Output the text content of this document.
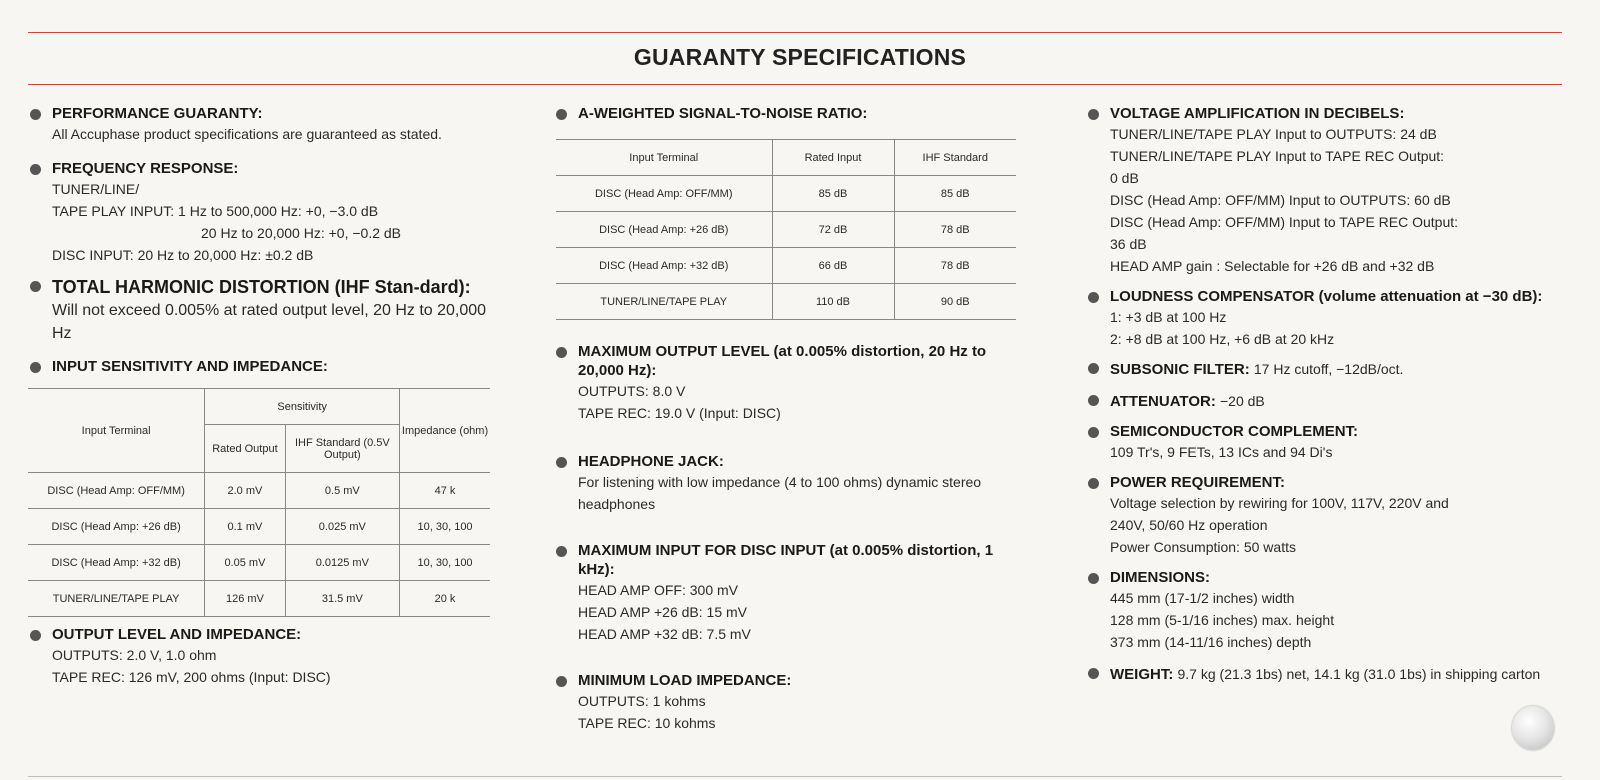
GUARANTY SPECIFICATIONS
PERFORMANCE GUARANTY:
All Accuphase product specifications are guaranteed as stated.
FREQUENCY RESPONSE:
TUNER/LINE/
TAPE PLAY INPUT: 1 Hz to 500,000 Hz: +0, −3.0 dB
20 Hz to 20,000 Hz: +0, −0.2 dB
DISC INPUT: 20 Hz to 20,000 Hz: ±0.2 dB
TOTAL HARMONIC DISTORTION (IHF Stan-dard):
Will not exceed 0.005% at rated output level, 20 Hz to 20,000 Hz
INPUT SENSITIVITY AND IMPEDANCE:
Input Terminal	Sensitivity		Impedance (ohm)
	Rated Output	IHF Standard (0.5V Output)	
DISC (Head Amp: OFF/MM)	2.0 mV	0.5 mV	47 k
DISC (Head Amp: +26 dB)	0.1 mV	0.025 mV	10, 30, 100
DISC (Head Amp: +32 dB)	0.05 mV	0.0125 mV	10, 30, 100
TUNER/LINE/TAPE PLAY	126 mV	31.5 mV	20 k
OUTPUT LEVEL AND IMPEDANCE:
OUTPUTS: 2.0 V, 1.0 ohm
TAPE REC: 126 mV, 200 ohms (Input: DISC)
A-WEIGHTED SIGNAL-TO-NOISE RATIO:
Input Terminal	Rated Input	IHF Standard
DISC (Head Amp: OFF/MM)	85 dB	85 dB
DISC (Head Amp: +26 dB)	72 dB	78 dB
DISC (Head Amp: +32 dB)	66 dB	78 dB
TUNER/LINE/TAPE PLAY	110 dB	90 dB
MAXIMUM OUTPUT LEVEL (at 0.005% distortion, 20 Hz to 20,000 Hz):
OUTPUTS: 8.0 V
TAPE REC: 19.0 V (Input: DISC)
HEADPHONE JACK:
For listening with low impedance (4 to 100 ohms) dynamic stereo headphones
MAXIMUM INPUT FOR DISC INPUT (at 0.005% distortion, 1 kHz):
HEAD AMP OFF: 300 mV
HEAD AMP +26 dB: 15 mV
HEAD AMP +32 dB: 7.5 mV
MINIMUM LOAD IMPEDANCE:
OUTPUTS: 1 kohms
TAPE REC: 10 kohms
VOLTAGE AMPLIFICATION IN DECIBELS:
TUNER/LINE/TAPE PLAY Input to OUTPUTS: 24 dB
TUNER/LINE/TAPE PLAY Input to TAPE REC Output:
0 dB
DISC (Head Amp: OFF/MM) Input to OUTPUTS: 60 dB
DISC (Head Amp: OFF/MM) Input to TAPE REC Output:
36 dB
HEAD AMP gain : Selectable for +26 dB and +32 dB
LOUDNESS COMPENSATOR (volume attenuation at −30 dB):
1: +3 dB at 100 Hz
2: +8 dB at 100 Hz, +6 dB at 20 kHz
SUBSONIC FILTER: 17 Hz cutoff, −12dB/oct.
ATTENUATOR: −20 dB
SEMICONDUCTOR COMPLEMENT:
109 Tr's, 9 FETs, 13 ICs and 94 Di's
POWER REQUIREMENT:
Voltage selection by rewiring for 100V, 117V, 220V and
240V, 50/60 Hz operation
Power Consumption: 50 watts
DIMENSIONS:
445 mm (17-1/2 inches) width
128 mm (5-1/16 inches) max. height
373 mm (14-11/16 inches) depth
WEIGHT: 9.7 kg (21.3 1bs) net, 14.1 kg (31.0 1bs) in shipping carton
